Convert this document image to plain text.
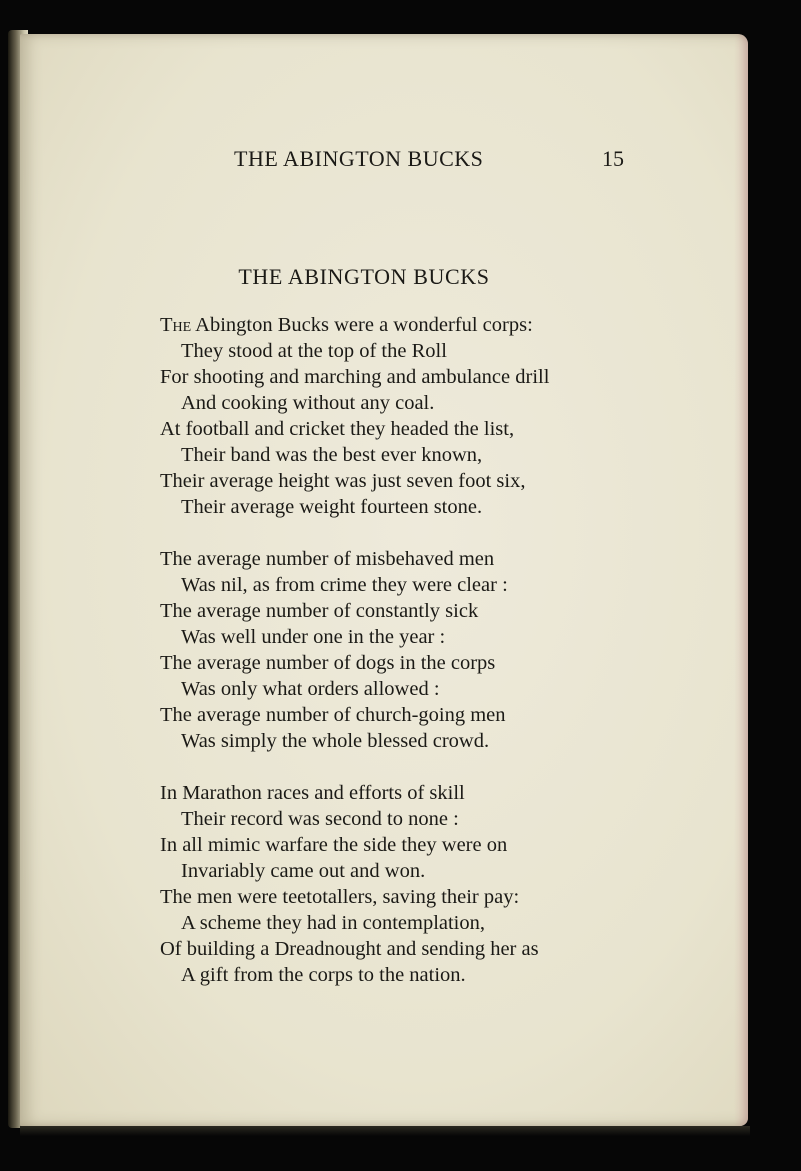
THE ABINGTON BUCKS	15
THE ABINGTON BUCKS
The Abington Bucks were a wonderful corps:
They stood at the top of the Roll
For shooting and marching and ambulance drill
And cooking without any coal.
At football and cricket they headed the list,
Their band was the best ever known,
Their average height was just seven foot six,
Their average weight fourteen stone.
The average number of misbehaved men
Was nil, as from crime they were clear :
The average number of constantly sick
Was well under one in the year :
The average number of dogs in the corps
Was only what orders allowed :
The average number of church-going men
Was simply the whole blessed crowd.
In Marathon races and efforts of skill
Their record was second to none :
In all mimic warfare the side they were on
Invariably came out and won.
The men were teetotallers, saving their pay:
A scheme they had in contemplation,
Of building a Dreadnought and sending her as
A gift from the corps to the nation.
